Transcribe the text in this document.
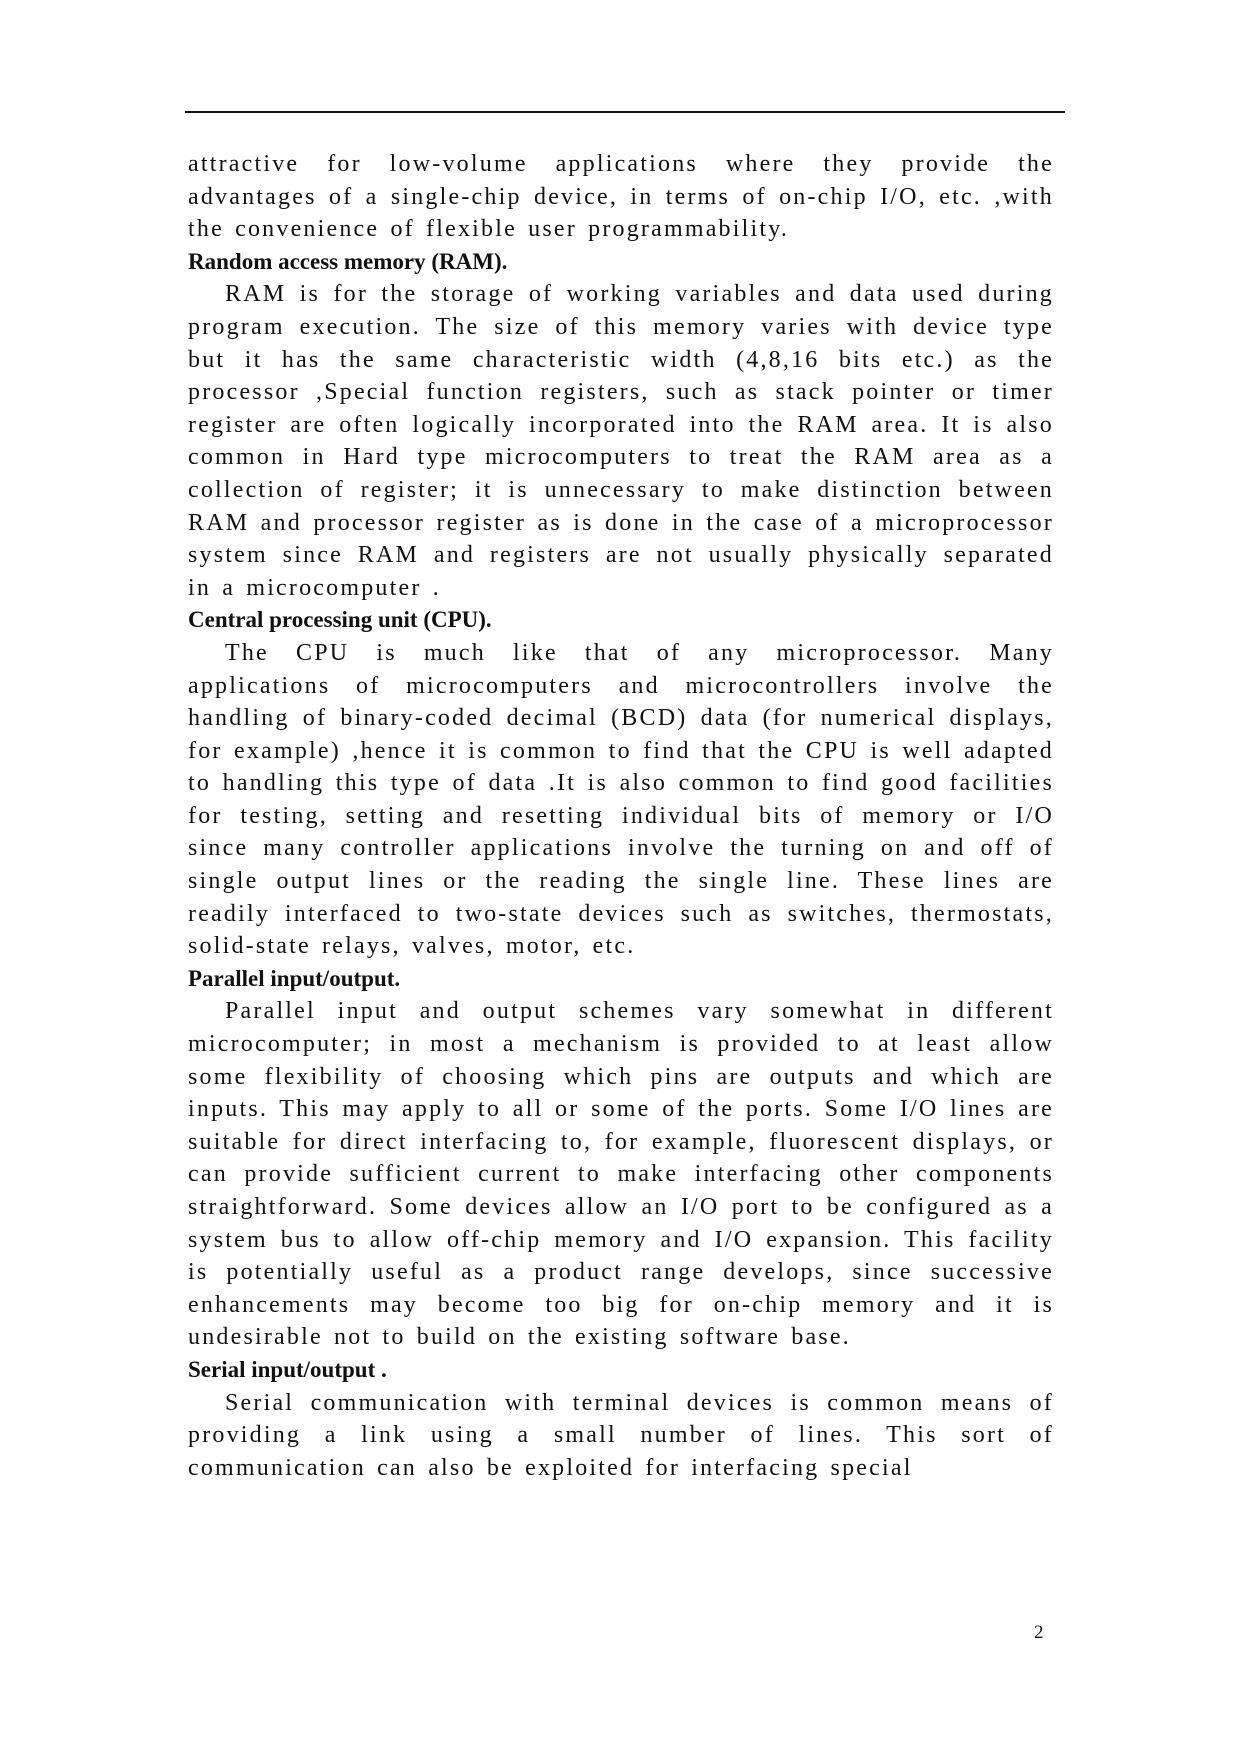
attractive for low-volume applications where they provide the advantages of a single-chip device, in terms of on-chip I/O, etc. ,with the convenience of flexible user programmability.

Random access memory (RAM).

RAM is for the storage of working variables and data used during program execution. The size of this memory varies with device type but it has the same characteristic width (4,8,16 bits etc.) as the processor ,Special function registers, such as stack pointer or timer register are often logically incorporated into the RAM area. It is also common in Hard type microcomputers to treat the RAM area as a collection of register; it is unnecessary to make distinction between RAM and processor register as is done in the case of a microprocessor system since RAM and registers are not usually physically separated in a microcomputer .

Central processing unit (CPU).

The CPU is much like that of any microprocessor. Many applications of microcomputers and microcontrollers involve the handling of binary-coded decimal (BCD) data (for numerical displays, for example) ,hence it is common to find that the CPU is well adapted to handling this type of data .It is also common to find good facilities for testing, setting and resetting individual bits of memory or I/O since many controller applications involve the turning on and off of single output lines or the reading the single line. These lines are readily interfaced to two-state devices such as switches, thermostats, solid-state relays, valves, motor, etc.

Parallel input/output.

Parallel input and output schemes vary somewhat in different microcomputer; in most a mechanism is provided to at least allow some flexibility of choosing which pins are outputs and which are inputs. This may apply to all or some of the ports. Some I/O lines are suitable for direct interfacing to, for example, fluorescent displays, or can provide sufficient current to make interfacing other components straightforward. Some devices allow an I/O port to be configured as a system bus to allow off-chip memory and I/O expansion. This facility is potentially useful as a product range develops, since successive enhancements may become too big for on-chip memory and it is undesirable not to build on the existing software base.

Serial input/output .

Serial communication with terminal devices is common means of providing a link using a small number of lines. This sort of communication can also be exploited for interfacing special

2
